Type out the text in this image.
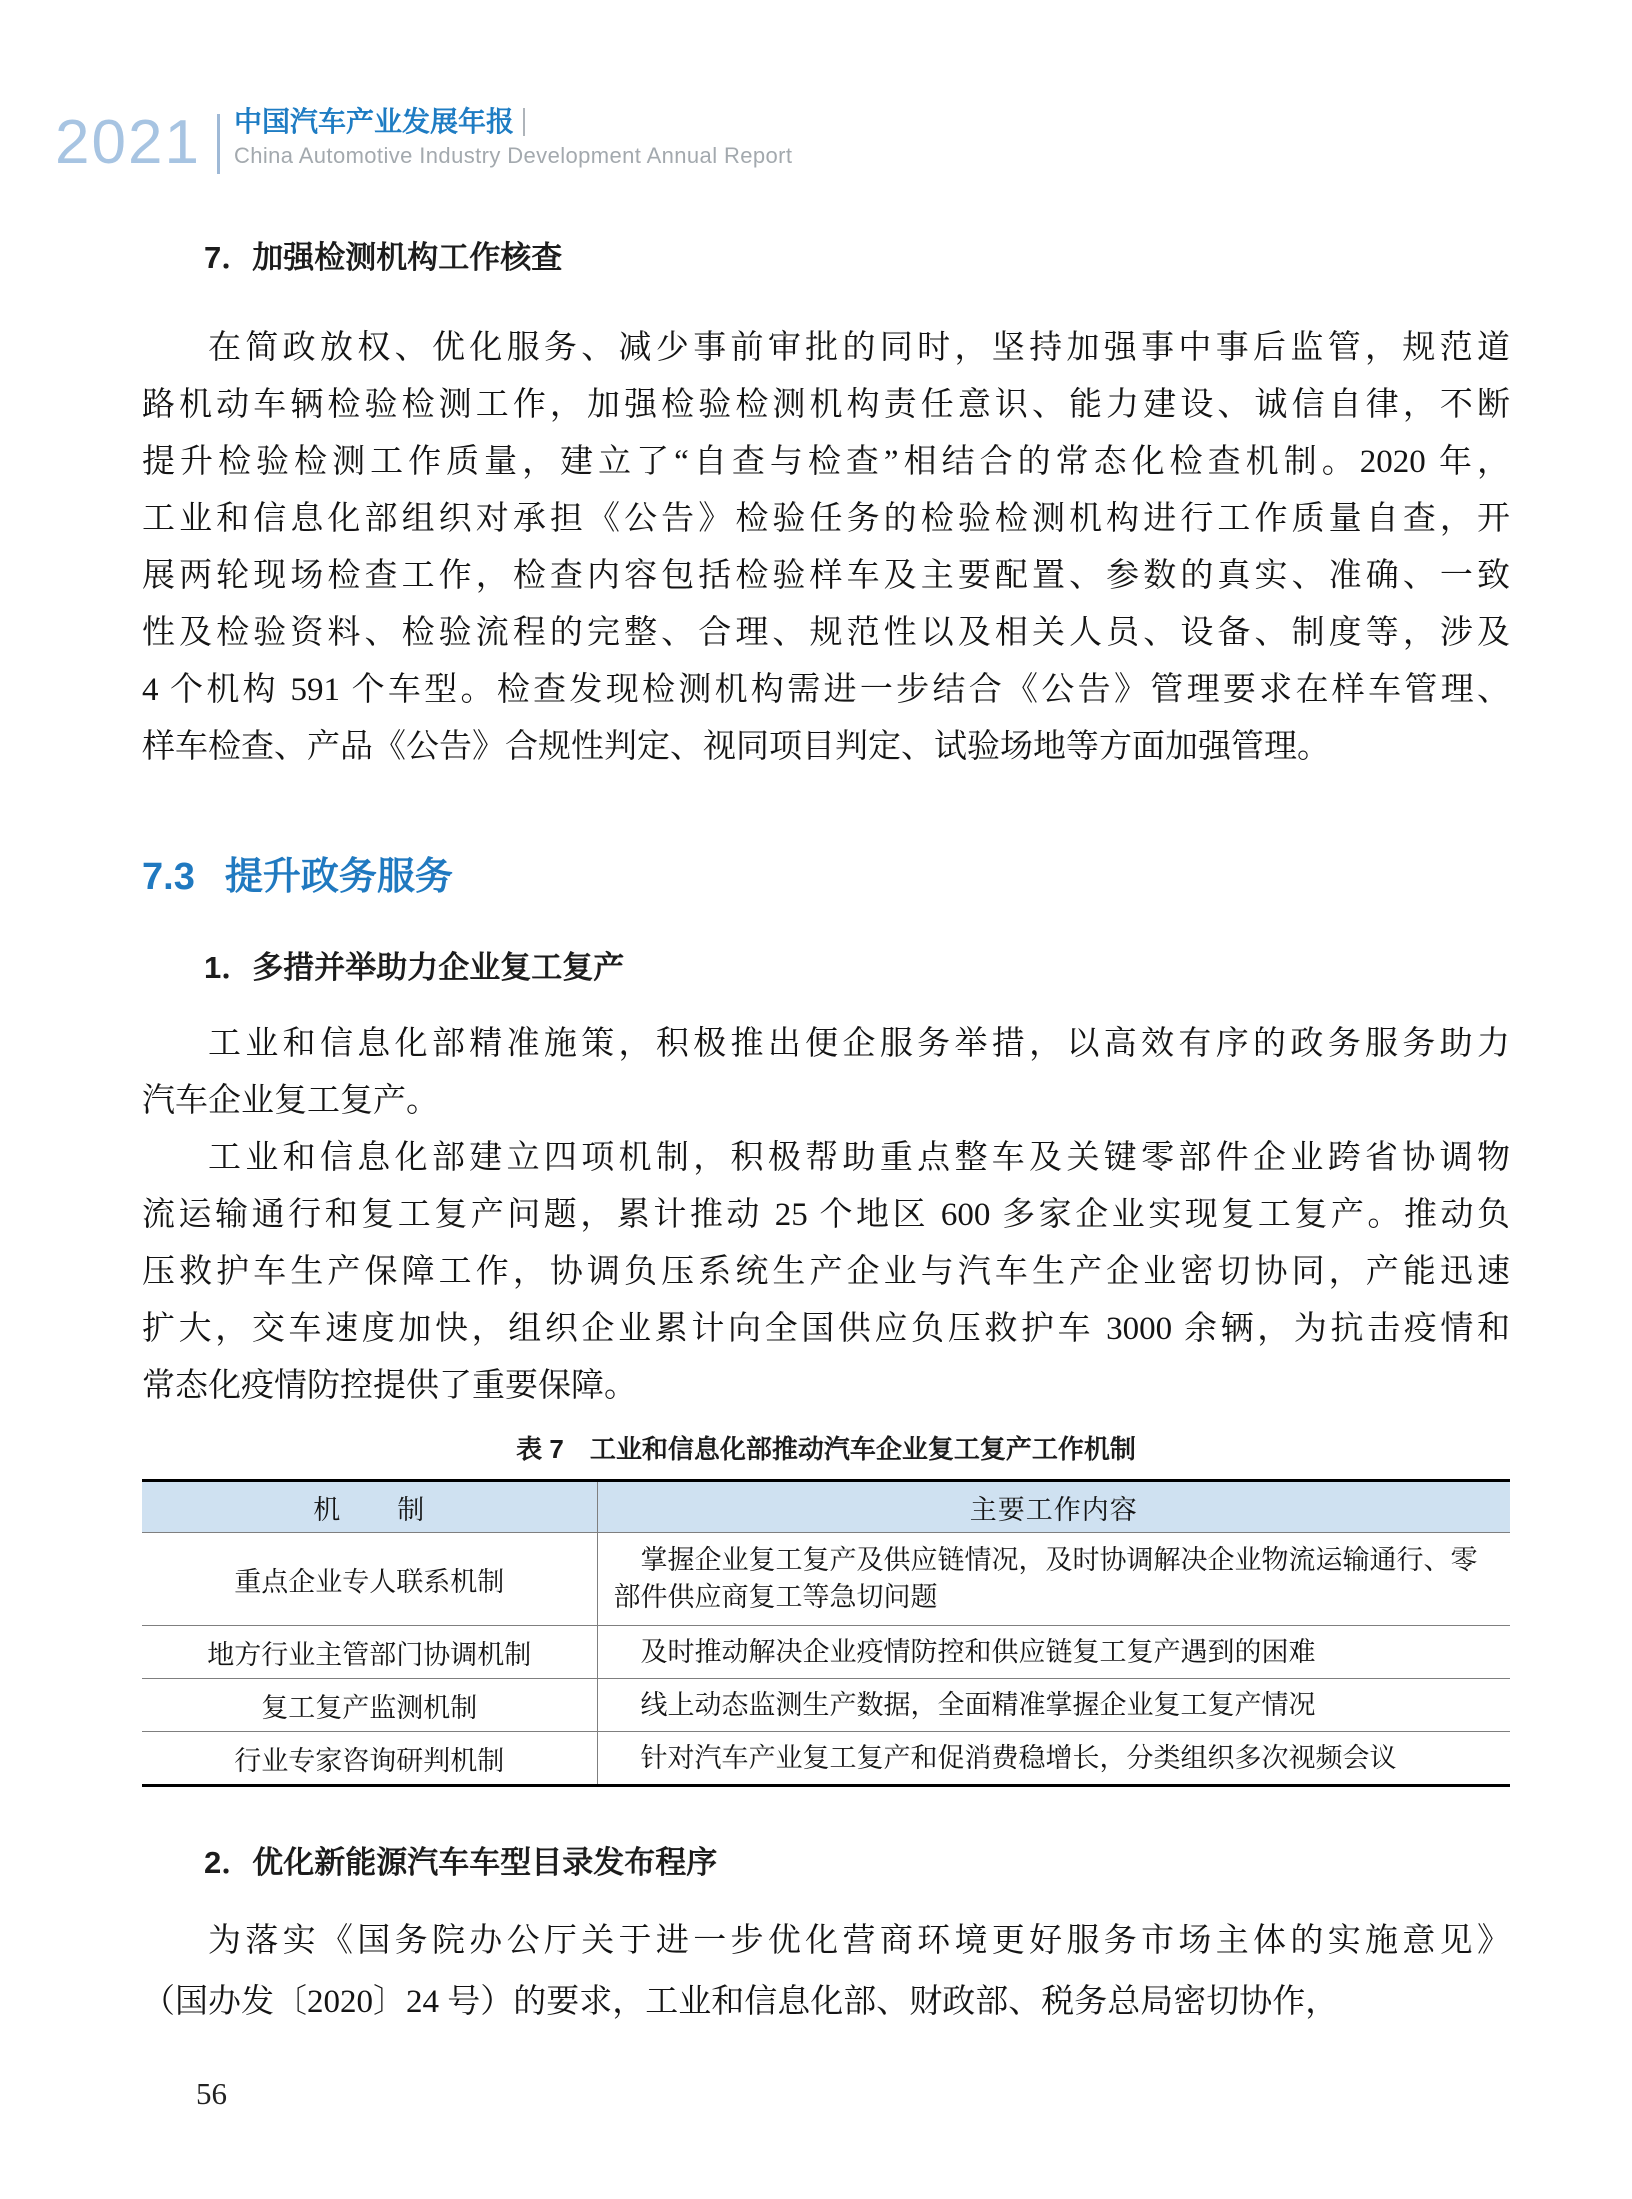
2021 中国汽车产业发展年报
China Automotive Industry Development Annual Report
7．加强检测机构工作核查
在简政放权、优化服务、减少事前审批的同时，坚持加强事中事后监管，规范道
路机动车辆检验检测工作，加强检验检测机构责任意识、能力建设、诚信自律，不断
提升检验检测工作质量，建立了“自查与检查”相结合的常态化检查机制。2020 年，
工业和信息化部组织对承担《公告》检验任务的检验检测机构进行工作质量自查，开
展两轮现场检查工作，检查内容包括检验样车及主要配置、参数的真实、准确、一致
性及检验资料、检验流程的完整、合理、规范性以及相关人员、设备、制度等，涉及
4 个机构 591 个车型。检查发现检测机构需进一步结合《公告》管理要求在样车管理、
样车检查、产品《公告》合规性判定、视同项目判定、试验场地等方面加强管理。
7.3 提升政务服务
1．多措并举助力企业复工复产
工业和信息化部精准施策，积极推出便企服务举措，以高效有序的政务服务助力
汽车企业复工复产。
工业和信息化部建立四项机制，积极帮助重点整车及关键零部件企业跨省协调物
流运输通行和复工复产问题，累计推动 25 个地区 600 多家企业实现复工复产。推动负
压救护车生产保障工作，协调负压系统生产企业与汽车生产企业密切协同，产能迅速
扩大，交车速度加快，组织企业累计向全国供应负压救护车 3000 余辆，为抗击疫情和
常态化疫情防控提供了重要保障。
表 7　工业和信息化部推动汽车企业复工复产工作机制
机　　制	主要工作内容
重点企业专人联系机制	掌握企业复工复产及供应链情况，及时协调解决企业物流运输通行、零部件供应商复工等急切问题
地方行业主管部门协调机制	及时推动解决企业疫情防控和供应链复工复产遇到的困难
复工复产监测机制	线上动态监测生产数据，全面精准掌握企业复工复产情况
行业专家咨询研判机制	针对汽车产业复工复产和促消费稳增长，分类组织多次视频会议
2．优化新能源汽车车型目录发布程序
为落实《国务院办公厅关于进一步优化营商环境更好服务市场主体的实施意见》
（国办发〔2020〕24 号）的要求，工业和信息化部、财政部、税务总局密切协作，
56
